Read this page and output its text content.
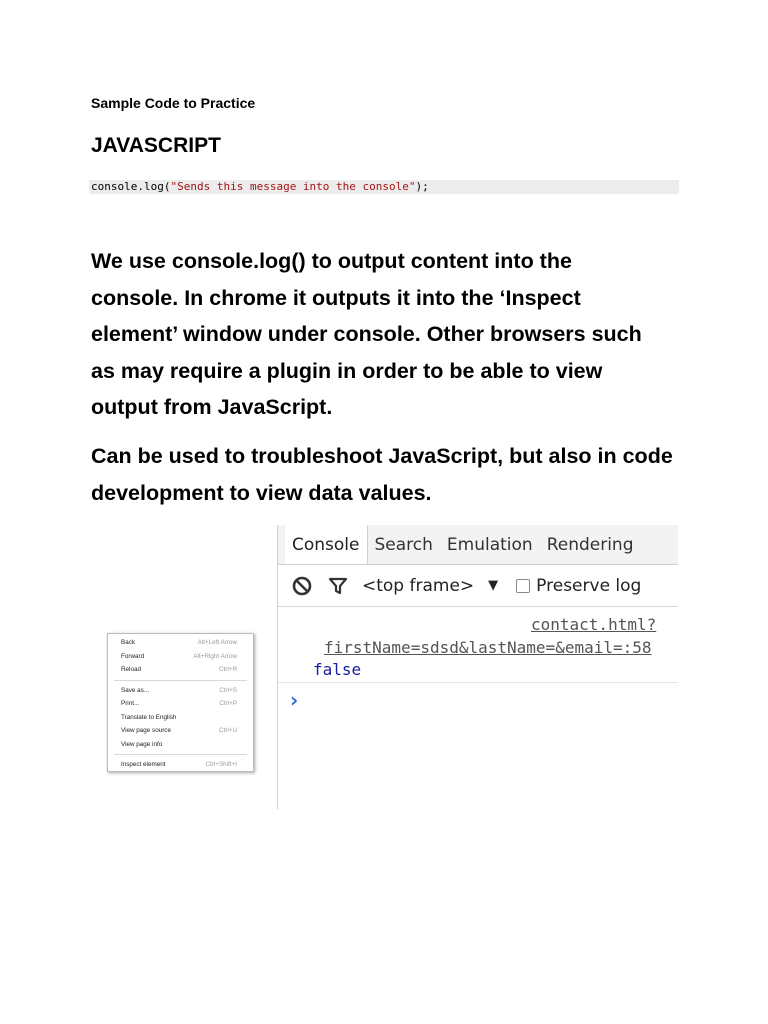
Sample Code to Practice
JAVASCRIPT
console.log("Sends this message into the console");

We use console.log() to output content into the
console. In chrome it outputs it into the ‘Inspect
element’ window under console. Other browsers such
as may require a plugin in order to be able to view
output from JavaScript.

Can be used to troubleshoot JavaScript, but also in code
development to view data values.

Back	Alt+Left Arrow
Forward	Alt+Right Arrow
Reload	Ctrl+R
Save as...	Ctrl+S
Print...	Ctrl+P
Translate to English
View page source	Ctrl+U
View page info
Inspect element	Ctrl+Shift+I
Console Search Emulation Rendering
<top frame> ▼ Preserve log
contact.html?
firstName=sdsd&lastName=&email=:58
false
›
